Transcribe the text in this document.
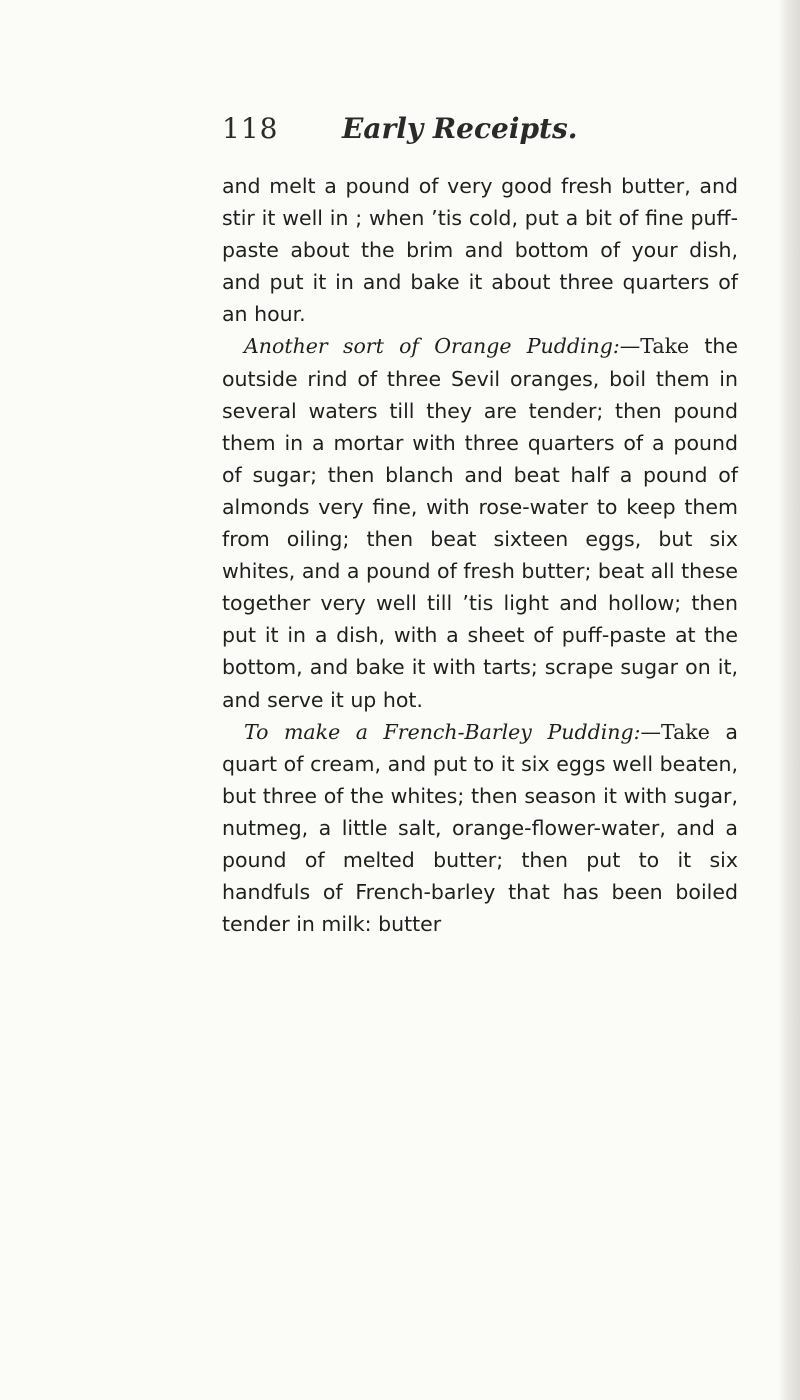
118 Early Receipts.

and melt a pound of very good fresh butter, and stir it well in ; when ’tis cold, put a bit of fine puff-paste about the brim and bottom of your dish, and put it in and bake it about three quarters of an hour.

Another sort of Orange Pudding:—Take the outside rind of three Sevil oranges, boil them in several waters till they are tender; then pound them in a mortar with three quarters of a pound of sugar; then blanch and beat half a pound of almonds very fine, with rose-water to keep them from oiling; then beat sixteen eggs, but six whites, and a pound of fresh butter; beat all these together very well till ’tis light and hollow; then put it in a dish, with a sheet of puff-paste at the bottom, and bake it with tarts; scrape sugar on it, and serve it up hot.

To make a French-Barley Pudding:—Take a quart of cream, and put to it six eggs well beaten, but three of the whites; then season it with sugar, nutmeg, a little salt, orange-flower-water, and a pound of melted butter; then put to it six handfuls of French-barley that has been boiled tender in milk: butter
